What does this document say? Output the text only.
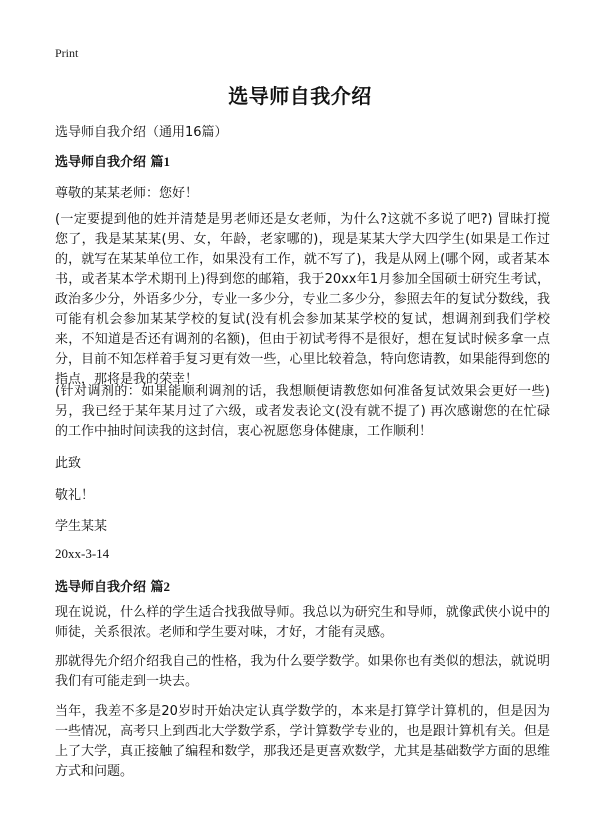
Print
选导师自我介绍

选导师自我介绍（通用16篇）

选导师自我介绍 篇1

尊敬的某某老师：您好！

(一定要提到他的姓并清楚是男老师还是女老师，为什么?这就不多说了吧?) 冒昧打搅您了，我是某某某(男、女，年龄，老家哪的)，现是某某大学大四学生(如果是工作过的，就写在某某单位工作，如果没有工作，就不写了)，我是从网上(哪个网，或者某本书，或者某本学术期刊上)得到您的邮箱，我于20xx年1月参加全国硕士研究生考试，政治多少分，外语多少分，专业一多少分，专业二多少分，参照去年的复试分数线，我可能有机会参加某某学校的复试(没有机会参加某某学校的复试，想调剂到我们学校来，不知道是否还有调剂的名额)，但由于初试考得不是很好，想在复试时候多拿一点分，目前不知怎样着手复习更有效一些，心里比较着急，特向您请教，如果能得到您的指点，那将是我的荣幸！

(针对调剂的：如果能顺利调剂的话，我想顺便请教您如何准备复试效果会更好一些) 另，我已经于某年某月过了六级，或者发表论文(没有就不提了) 再次感谢您的在忙碌的工作中抽时间读我的这封信，衷心祝愿您身体健康，工作顺利！

此致

敬礼！

学生某某

20xx-3-14

选导师自我介绍 篇2

现在说说，什么样的学生适合找我做导师。我总以为研究生和导师，就像武侠小说中的师徒，关系很浓。老师和学生要对味，才好，才能有灵感。

那就得先介绍介绍我自己的性格，我为什么要学数学。如果你也有类似的想法，就说明我们有可能走到一块去。

当年，我差不多是20岁时开始决定认真学数学的，本来是打算学计算机的，但是因为一些情况，高考只上到西北大学数学系，学计算数学专业的，也是跟计算机有关。但是上了大学，真正接触了编程和数学，那我还是更喜欢数学，尤其是基础数学方面的思维方式和问题。
